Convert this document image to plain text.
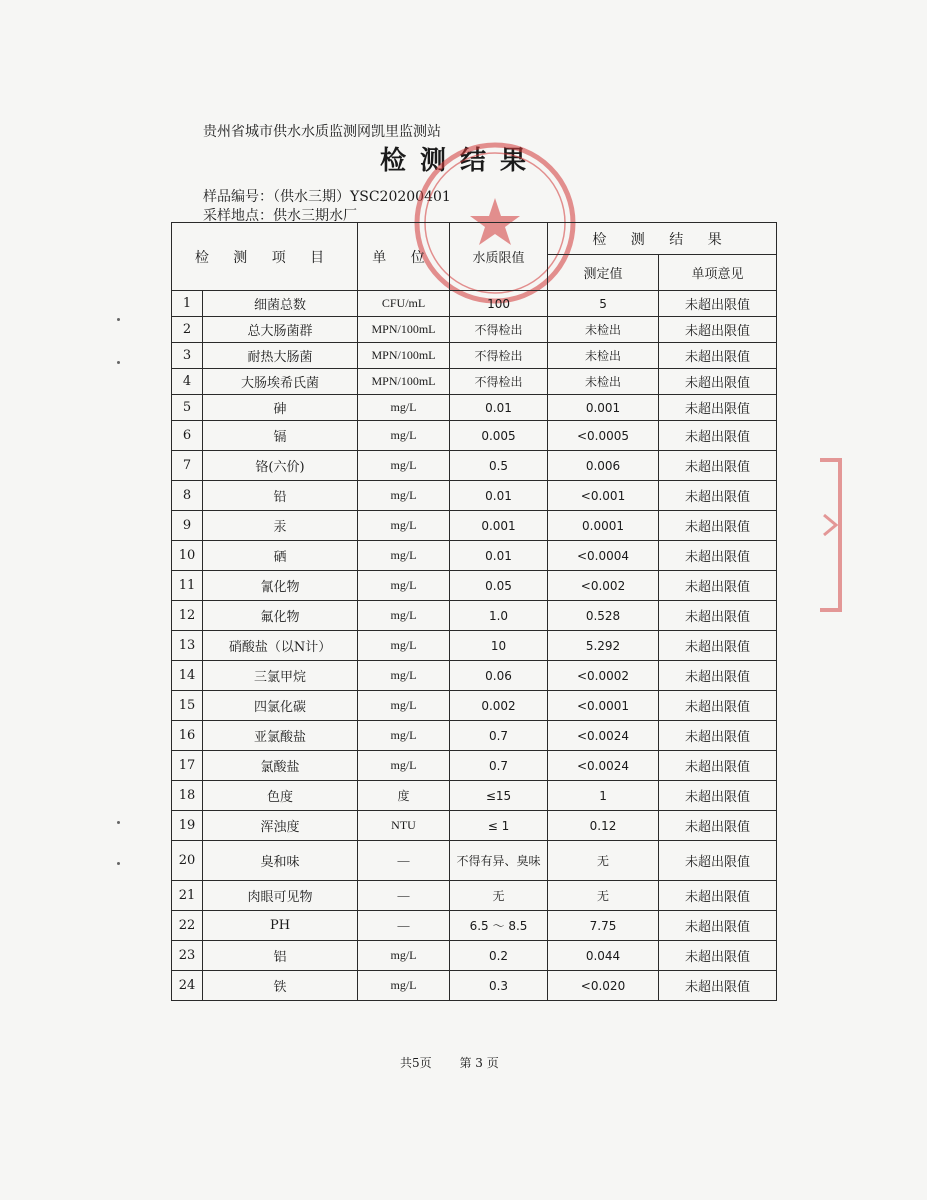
贵州省城市供水水质监测网凯里监测站
检测结果
样品编号：（供水三期）YSC20200401
采样地点：供水三期水厂
检 测 项 目		单 位	水质限值	检 测 结 果	
				测定值	单项意见
1	细菌总数	CFU/mL	100	5	未超出限值
2	总大肠菌群	MPN/100mL	不得检出	未检出	未超出限值
3	耐热大肠菌	MPN/100mL	不得检出	未检出	未超出限值
4	大肠埃希氏菌	MPN/100mL	不得检出	未检出	未超出限值
5	砷	mg/L	0.01	0.001	未超出限值
6	镉	mg/L	0.005	<0.0005	未超出限值
7	铬(六价)	mg/L	0.5	0.006	未超出限值
8	铅	mg/L	0.01	<0.001	未超出限值
9	汞	mg/L	0.001	0.0001	未超出限值
10	硒	mg/L	0.01	<0.0004	未超出限值
11	氰化物	mg/L	0.05	<0.002	未超出限值
12	氟化物	mg/L	1.0	0.528	未超出限值
13	硝酸盐（以N计）	mg/L	10	5.292	未超出限值
14	三氯甲烷	mg/L	0.06	<0.0002	未超出限值
15	四氯化碳	mg/L	0.002	<0.0001	未超出限值
16	亚氯酸盐	mg/L	0.7	<0.0024	未超出限值
17	氯酸盐	mg/L	0.7	<0.0024	未超出限值
18	色度	度	≤15	1	未超出限值
19	浑浊度	NTU	≤ 1	0.12	未超出限值
20	臭和味	—	不得有异、臭味	无	未超出限值
21	肉眼可见物	—	无	无	未超出限值
22	PH	—	6.5 ～ 8.5	7.75	未超出限值
23	铝	mg/L	0.2	0.044	未超出限值
24	铁	mg/L	0.3	<0.020	未超出限值
共5页 第 3 页
